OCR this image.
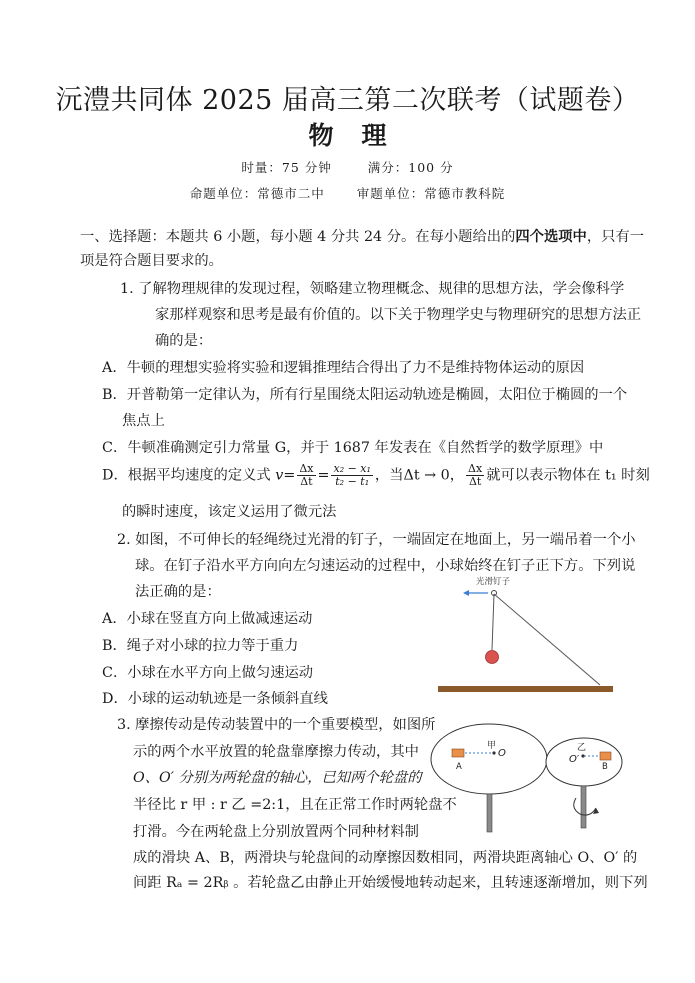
沅澧共同体 2025 届高三第二次联考（试题卷）
物理
时量：75 分钟	满分：100 分
命题单位：常德市二中	审题单位：常德市教科院
一、选择题：本题共 6 小题，每小题 4 分共 24 分。在每小题给出的四个选项中，只有一
项是符合题目要求的。
1. 了解物理规律的发现过程，领略建立物理概念、规律的思想方法，学会像科学
家那样观察和思考是最有价值的。以下关于物理学史与物理研究的思想方法正
确的是：
A．牛顿的理想实验将实验和逻辑推理结合得出了力不是维持物体运动的原因
B．开普勒第一定律认为，所有行星围绕太阳运动轨迹是椭圆，太阳位于椭圆的一个
焦点上
C．牛顿准确测定引力常量 G，并于 1687 年发表在《自然哲学的数学原理》中
D．根据平均速度的定义式 $v= \frac{\Delta x}{\Delta t} = \frac{\text{x₂ − x₁}}{\text{t₂ − t₁}}$ ，当Δt → 0， $\frac{\Delta x}{\Delta t}$ 就可以表示物体在 t₁ 时刻
的瞬时速度，该定义运用了微元法
2. 如图，不可伸长的轻绳绕过光滑的钉子，一端固定在地面上，另一端吊着一个小
球。在钉子沿水平方向向左匀速运动的过程中，小球始终在钉子正下方。下列说
法正确的是：
A．小球在竖直方向上做减速运动
B．绳子对小球的拉力等于重力
C．小球在水平方向上做匀速运动
D．小球的运动轨迹是一条倾斜直线
光滑钉子
3. 摩擦传动是传动装置中的一个重要模型，如图所
示的两个水平放置的轮盘靠摩擦力传动，其中
O、O′ 分别为两轮盘的轴心，已知两个轮盘的
半径比 r 甲 : r 乙 =2:1，且在正常工作时两轮盘不
打滑。今在两轮盘上分别放置两个同种材料制
成的滑块 A、B，两滑块与轮盘间的动摩擦因数相同，两滑块距离轴心 O、O′ 的
间距 Rₐ = 2Rᵦ 。若轮盘乙由静止开始缓慢地转动起来，且转速逐渐增加，则下列
A
甲
O	乙
O′
B
